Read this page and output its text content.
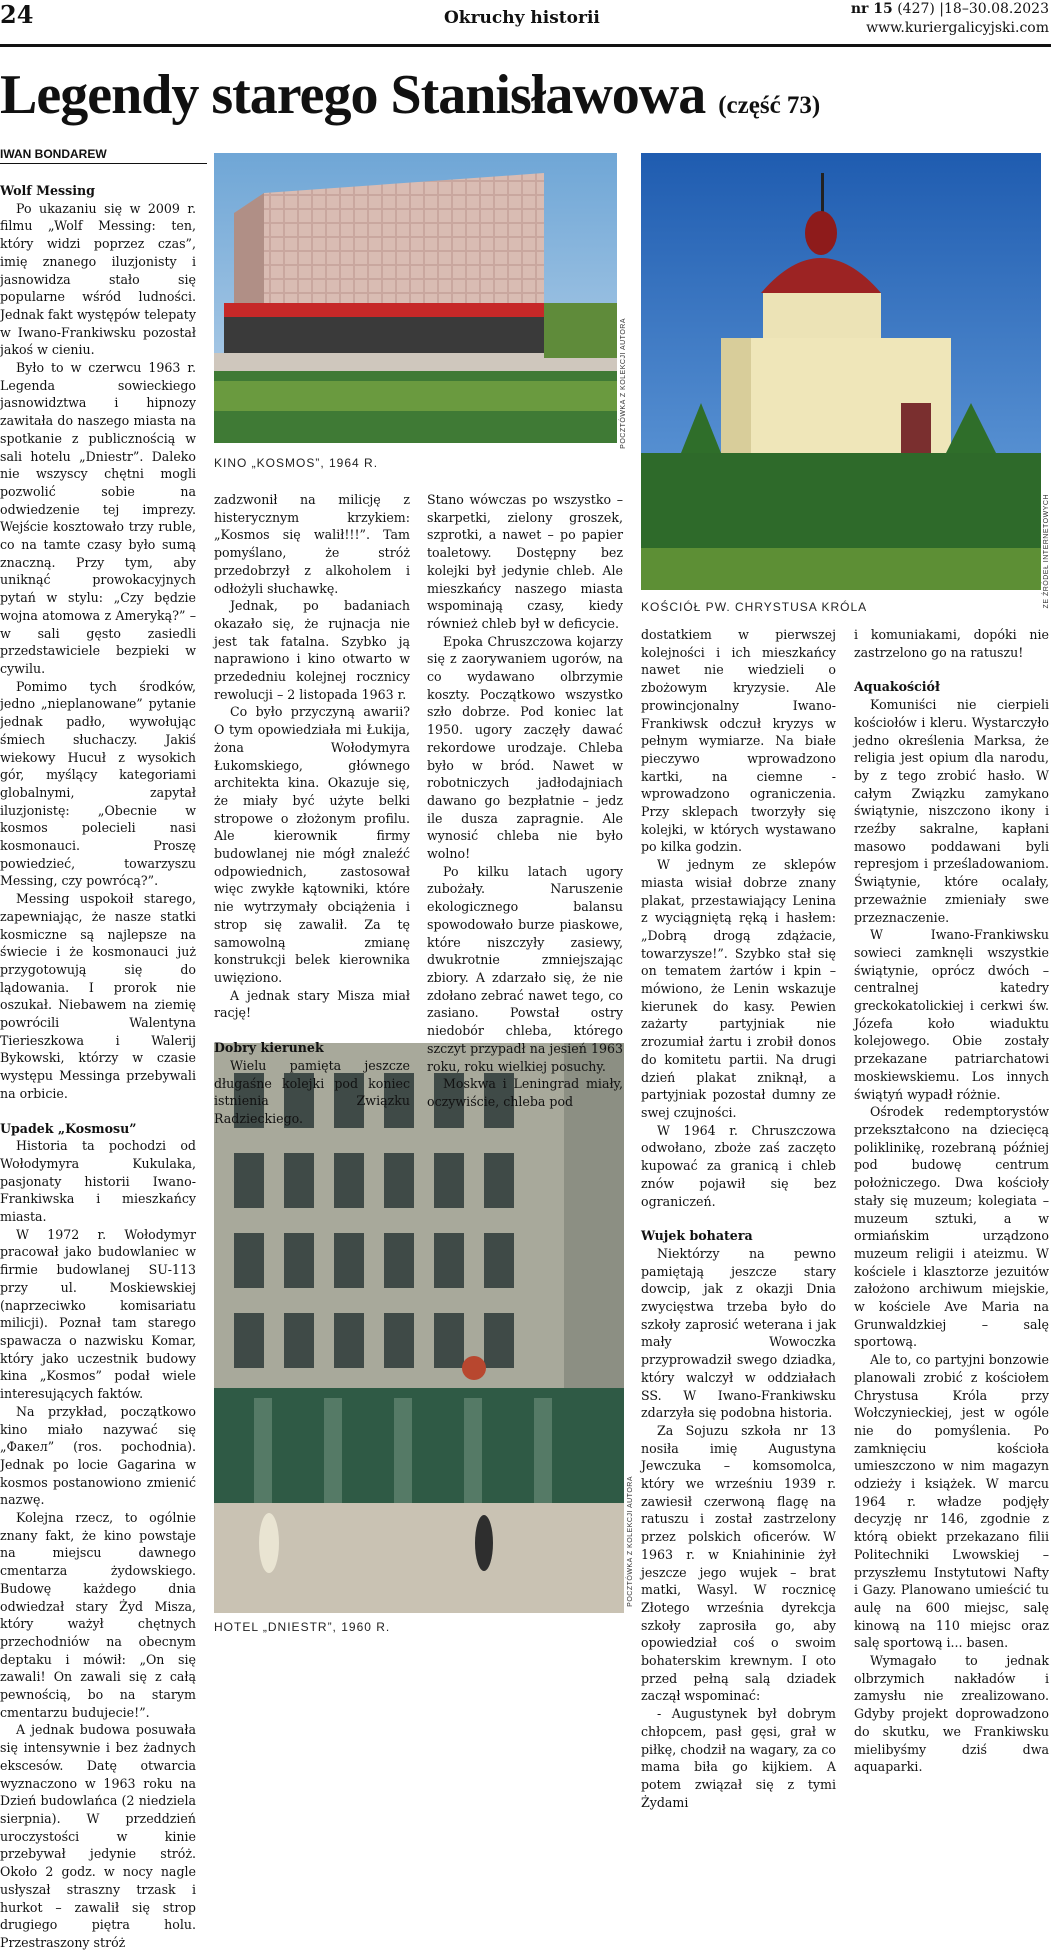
24	Okruchy historii	nr 15 (427) |18–30.08.2023
www.kuriergalicyjski.com
Legendy starego Stanisławowa (część 73)
IWAN BONDAREW
KINO „KOSMOS”, 1964 R.
POCZTÓWKA Z KOLEKCJI AUTORA
KOŚCIÓŁ PW. CHRYSTUSA KRÓLA	ZE ŹRÓDEŁ INTERNETOWYCH
HOTEL „DNIESTR”, 1960 R.
POCZTÓWKA Z KOLEKCJI AUTORA
Wolf Messing

Po ukazaniu się w 2009 r. filmu „Wolf Messing: ten, który widzi poprzez czas”, imię znanego iluzjonisty i jasnowidza stało się popularne wśród ludności. Jednak fakt występów telepaty w Iwano-Frankiwsku pozostał jakoś w cieniu.

Było to w czerwcu 1963 r. Legenda sowieckiego jasnowidztwa i hipnozy zawitała do naszego miasta na spotkanie z publicznością w sali hotelu „Dniestr”. Daleko nie wszyscy chętni mogli pozwolić sobie na odwiedzenie tej imprezy. Wejście kosztowało trzy ruble, co na tamte czasy było sumą znaczną. Przy tym, aby uniknąć prowokacyjnych pytań w stylu: „Czy będzie wojna atomowa z Ameryką?” – w sali gęsto zasiedli przedstawiciele bezpieki w cywilu.

Pomimo tych środków, jedno „nieplanowane” pytanie jednak padło, wywołując śmiech słuchaczy. Jakiś wiekowy Hucuł z wysokich gór, myślący kategoriami globalnymi, zapytał iluzjonistę: „Obecnie w kosmos polecieli nasi kosmonauci. Proszę powiedzieć, towarzyszu Messing, czy powrócą?”.

Messing uspokoił starego, zapewniając, że nasze statki kosmiczne są najlepsze na świecie i że kosmonauci już przygotowują się do lądowania. I prorok nie oszukał. Niebawem na ziemię powrócili Walentyna Tierieszkowa i Walerij Bykowski, którzy w czasie występu Messinga przebywali na orbicie.

Upadek „Kosmosu”

Historia ta pochodzi od Wołodymyra Kukulaka, pasjonaty historii Iwano-Frankiwska i mieszkańcy miasta.

W 1972 r. Wołodymyr pracował jako budowlaniec w firmie budowlanej SU-113 przy ul. Moskiewskiej (naprzeciwko komisariatu milicji). Poznał tam starego spawacza o nazwisku Komar, który jako uczestnik budowy kina „Kosmos” podał wiele interesujących faktów.

Na przykład, początkowo kino miało nazywać się „Факел” (ros. pochodnia). Jednak po locie Gagarina w kosmos postanowiono zmienić nazwę.

Kolejna rzecz, to ogólnie znany fakt, że kino powstaje na miejscu dawnego cmentarza żydowskiego. Budowę każdego dnia odwiedzał stary Żyd Misza, który ważył chętnych przechodniów na obecnym deptaku i mówił: „On się zawali! On zawali się z całą pewnością, bo na starym cmentarzu budujecie!”.

A jednak budowa posuwała się intensywnie i bez żadnych ekscesów. Datę otwarcia wyznaczono w 1963 roku na Dzień budowlańca (2 niedziela sierpnia). W przeddzień uroczystości w kinie przebywał jedynie stróż. Około 2 godz. w nocy nagle usłyszał straszny trzask i hurkot – zawalił się strop drugiego piętra holu. Przestraszony stróż

zadzwonił na milicję z histerycznym krzykiem: „Kosmos się walił!!!”. Tam pomyślano, że stróż przedobrzył z alkoholem i odłożyli słuchawkę.

Jednak, po badaniach okazało się, że rujnacja nie jest tak fatalna. Szybko ją naprawiono i kino otwarto w przededniu kolejnej rocznicy rewolucji – 2 listopada 1963 r.

Co było przyczyną awarii? O tym opowiedziała mi Łukija, żona Wołodymyra Łukomskiego, głównego architekta kina. Okazuje się, że miały być użyte belki stropowe o złożonym profilu. Ale kierownik firmy budowlanej nie mógł znaleźć odpowiednich, zastosował więc zwykłe kątowniki, które nie wytrzymały obciążenia i strop się zawalił. Za tę samowolną zmianę konstrukcji belek kierownika uwięziono.

A jednak stary Misza miał rację!

Dobry kierunek

Wielu pamięta jeszcze długaśne kolejki pod koniec istnienia Związku Radzieckiego.

Stano wówczas po wszystko – skarpetki, zielony groszek, szprotki, a nawet – po papier toaletowy. Dostępny bez kolejki był jedynie chleb. Ale mieszkańcy naszego miasta wspominają czasy, kiedy również chleb był w deficycie.

Epoka Chruszczowa kojarzy się z zaorywaniem ugorów, na co wydawano olbrzymie koszty. Początkowo wszystko szło dobrze. Pod koniec lat 1950. ugory zaczęły dawać rekordowe urodzaje. Chleba było w bród. Nawet w robotniczych jadłodajniach dawano go bezpłatnie – jedz ile dusza zapragnie. Ale wynosić chleba nie było wolno!

Po kilku latach ugory zubożały. Naruszenie ekologicznego balansu spowodowało burze piaskowe, które niszczyły zasiewy, dwukrotnie zmniejszając zbiory. A zdarzało się, że nie zdołano zebrać nawet tego, co zasiano. Powstał ostry niedobór chleba, którego szczyt przypadł na jesień 1963 roku, roku wielkiej posuchy.

Moskwa i Leningrad miały, oczywiście, chleba pod

dostatkiem w pierwszej kolejności i ich mieszkańcy nawet nie wiedzieli o zbożowym kryzysie. Ale prowincjonalny Iwano-Frankiwsk odczuł kryzys w pełnym wymiarze. Na białe pieczywo wprowadzono kartki, na ciemne - wprowadzono ograniczenia. Przy sklepach tworzyły się kolejki, w których wystawano po kilka godzin.

W jednym ze sklepów miasta wisiał dobrze znany plakat, przestawiający Lenina z wyciągniętą ręką i hasłem: „Dobrą drogą zdążacie, towarzysze!”. Szybko stał się on tematem żartów i kpin – mówiono, że Lenin wskazuje kierunek do kasy. Pewien zażarty partyjniak nie zrozumiał żartu i zrobił donos do komitetu partii. Na drugi dzień plakat zniknął, a partyjniak pozostał dumny ze swej czujności.

W 1964 r. Chruszczowa odwołano, zboże zaś zaczęto kupować za granicą i chleb znów pojawił się bez ograniczeń.

Wujek bohatera

Niektórzy na pewno pamiętają jeszcze stary dowcip, jak z okazji Dnia zwycięstwa trzeba było do szkoły zaprosić weterana i jak mały Wowoczka przyprowadził swego dziadka, który walczył w oddziałach SS. W Iwano-Frankiwsku zdarzyła się podobna historia.

Za Sojuzu szkoła nr 13 nosiła imię Augustyna Jewczuka – komsomolca, który we wrześniu 1939 r. zawiesił czerwoną flagę na ratuszu i został zastrzelony przez polskich oficerów. W 1963 r. w Kniahininie żył jeszcze jego wujek – brat matki, Wasyl. W rocznicę Złotego września dyrekcja szkoły zaprosiła go, aby opowiedział coś o swoim bohaterskim krewnym. I oto przed pełną salą dziadek zaczął wspominać:

- Augustynek był dobrym chłopcem, pasł gęsi, grał w piłkę, chodził na wagary, za co mama biła go kijkiem. A potem związał się z tymi Żydami

i komuniakami, dopóki nie zastrzelono go na ratuszu!

Aquakościół

Komuniści nie cierpieli kościołów i kleru. Wystarczyło jedno określenia Marksa, że religia jest opium dla narodu, by z tego zrobić hasło. W całym Związku zamykano świątynie, niszczono ikony i rzeźby sakralne, kapłani masowo poddawani byli represjom i prześladowaniom. Świątynie, które ocalały, przeważnie zmieniały swe przeznaczenie.

W Iwano-Frankiwsku sowieci zamknęli wszystkie świątynie, oprócz dwóch – centralnej katedry greckokatolickiej i cerkwi św. Józefa koło wiaduktu kolejowego. Obie zostały przekazane patriarchatowi moskiewskiemu. Los innych świątyń wypadł różnie.

Ośrodek redemptorystów przekształcono na dziecięcą poliklinikę, rozebraną później pod budowę centrum położniczego. Dwa kościoły stały się muzeum; kolegiata – muzeum sztuki, a w ormiańskim urządzono muzeum religii i ateizmu. W kościele i klasztorze jezuitów założono archiwum miejskie, w kościele Ave Maria na Grunwaldzkiej – salę sportową.

Ale to, co partyjni bonzowie planowali zrobić z kościołem Chrystusa Króla przy Wołczynieckiej, jest w ogóle nie do pomyślenia. Po zamknięciu kościoła umieszczono w nim magazyn odzieży i książek. W marcu 1964 r. władze podjęły decyzję nr 146, zgodnie z którą obiekt przekazano filii Politechniki Lwowskiej – przyszłemu Instytutowi Nafty i Gazy. Planowano umieścić tu aulę na 600 miejsc, salę kinową na 110 miejsc oraz salę sportową i... basen.

Wymagało to jednak olbrzymich nakładów i zamysłu nie zrealizowano. Gdyby projekt doprowadzono do skutku, we Frankiwsku mielibyśmy dziś dwa aquaparki.
